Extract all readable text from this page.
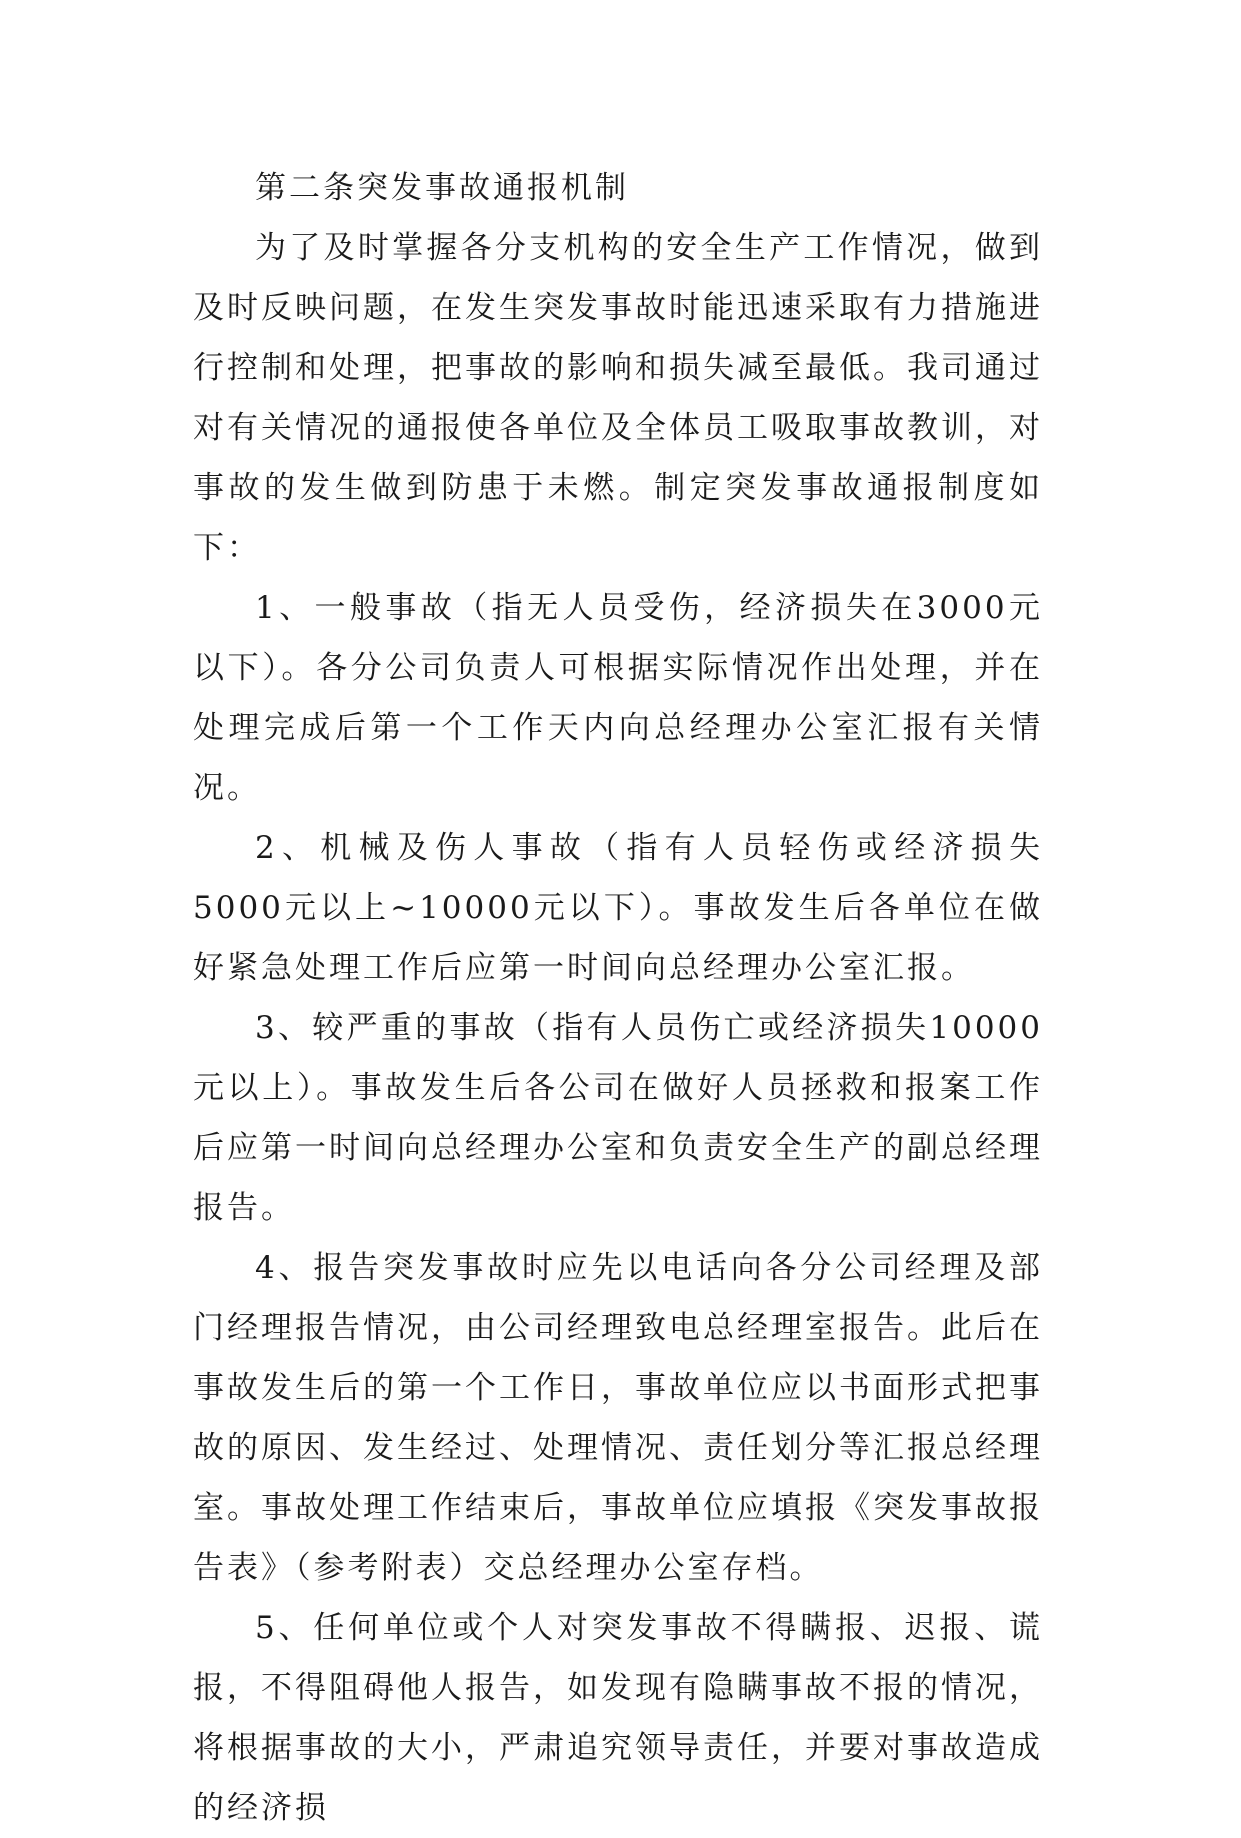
第二条突发事故通报机制

为了及时掌握各分支机构的安全生产工作情况，做到及时反映问题，在发生突发事故时能迅速采取有力措施进行控制和处理，把事故的影响和损失减至最低。我司通过对有关情况的通报使各单位及全体员工吸取事故教训，对事故的发生做到防患于未燃。制定突发事故通报制度如下：

1、一般事故（指无人员受伤，经济损失在3000元以下）。各分公司负责人可根据实际情况作出处理，并在处理完成后第一个工作天内向总经理办公室汇报有关情况。

2、机械及伤人事故（指有人员轻伤或经济损失5000元以上~10000元以下）。事故发生后各单位在做好紧急处理工作后应第一时间向总经理办公室汇报。

3、较严重的事故（指有人员伤亡或经济损失10000元以上）。事故发生后各公司在做好人员拯救和报案工作后应第一时间向总经理办公室和负责安全生产的副总经理报告。

4、报告突发事故时应先以电话向各分公司经理及部门经理报告情况，由公司经理致电总经理室报告。此后在事故发生后的第一个工作日，事故单位应以书面形式把事故的原因、发生经过、处理情况、责任划分等汇报总经理室。事故处理工作结束后，事故单位应填报《突发事故报告表》（参考附表）交总经理办公室存档。

5、任何单位或个人对突发事故不得瞒报、迟报、谎报，不得阻碍他人报告，如发现有隐瞒事故不报的情况，将根据事故的大小，严肃追究领导责任，并要对事故造成的经济损
